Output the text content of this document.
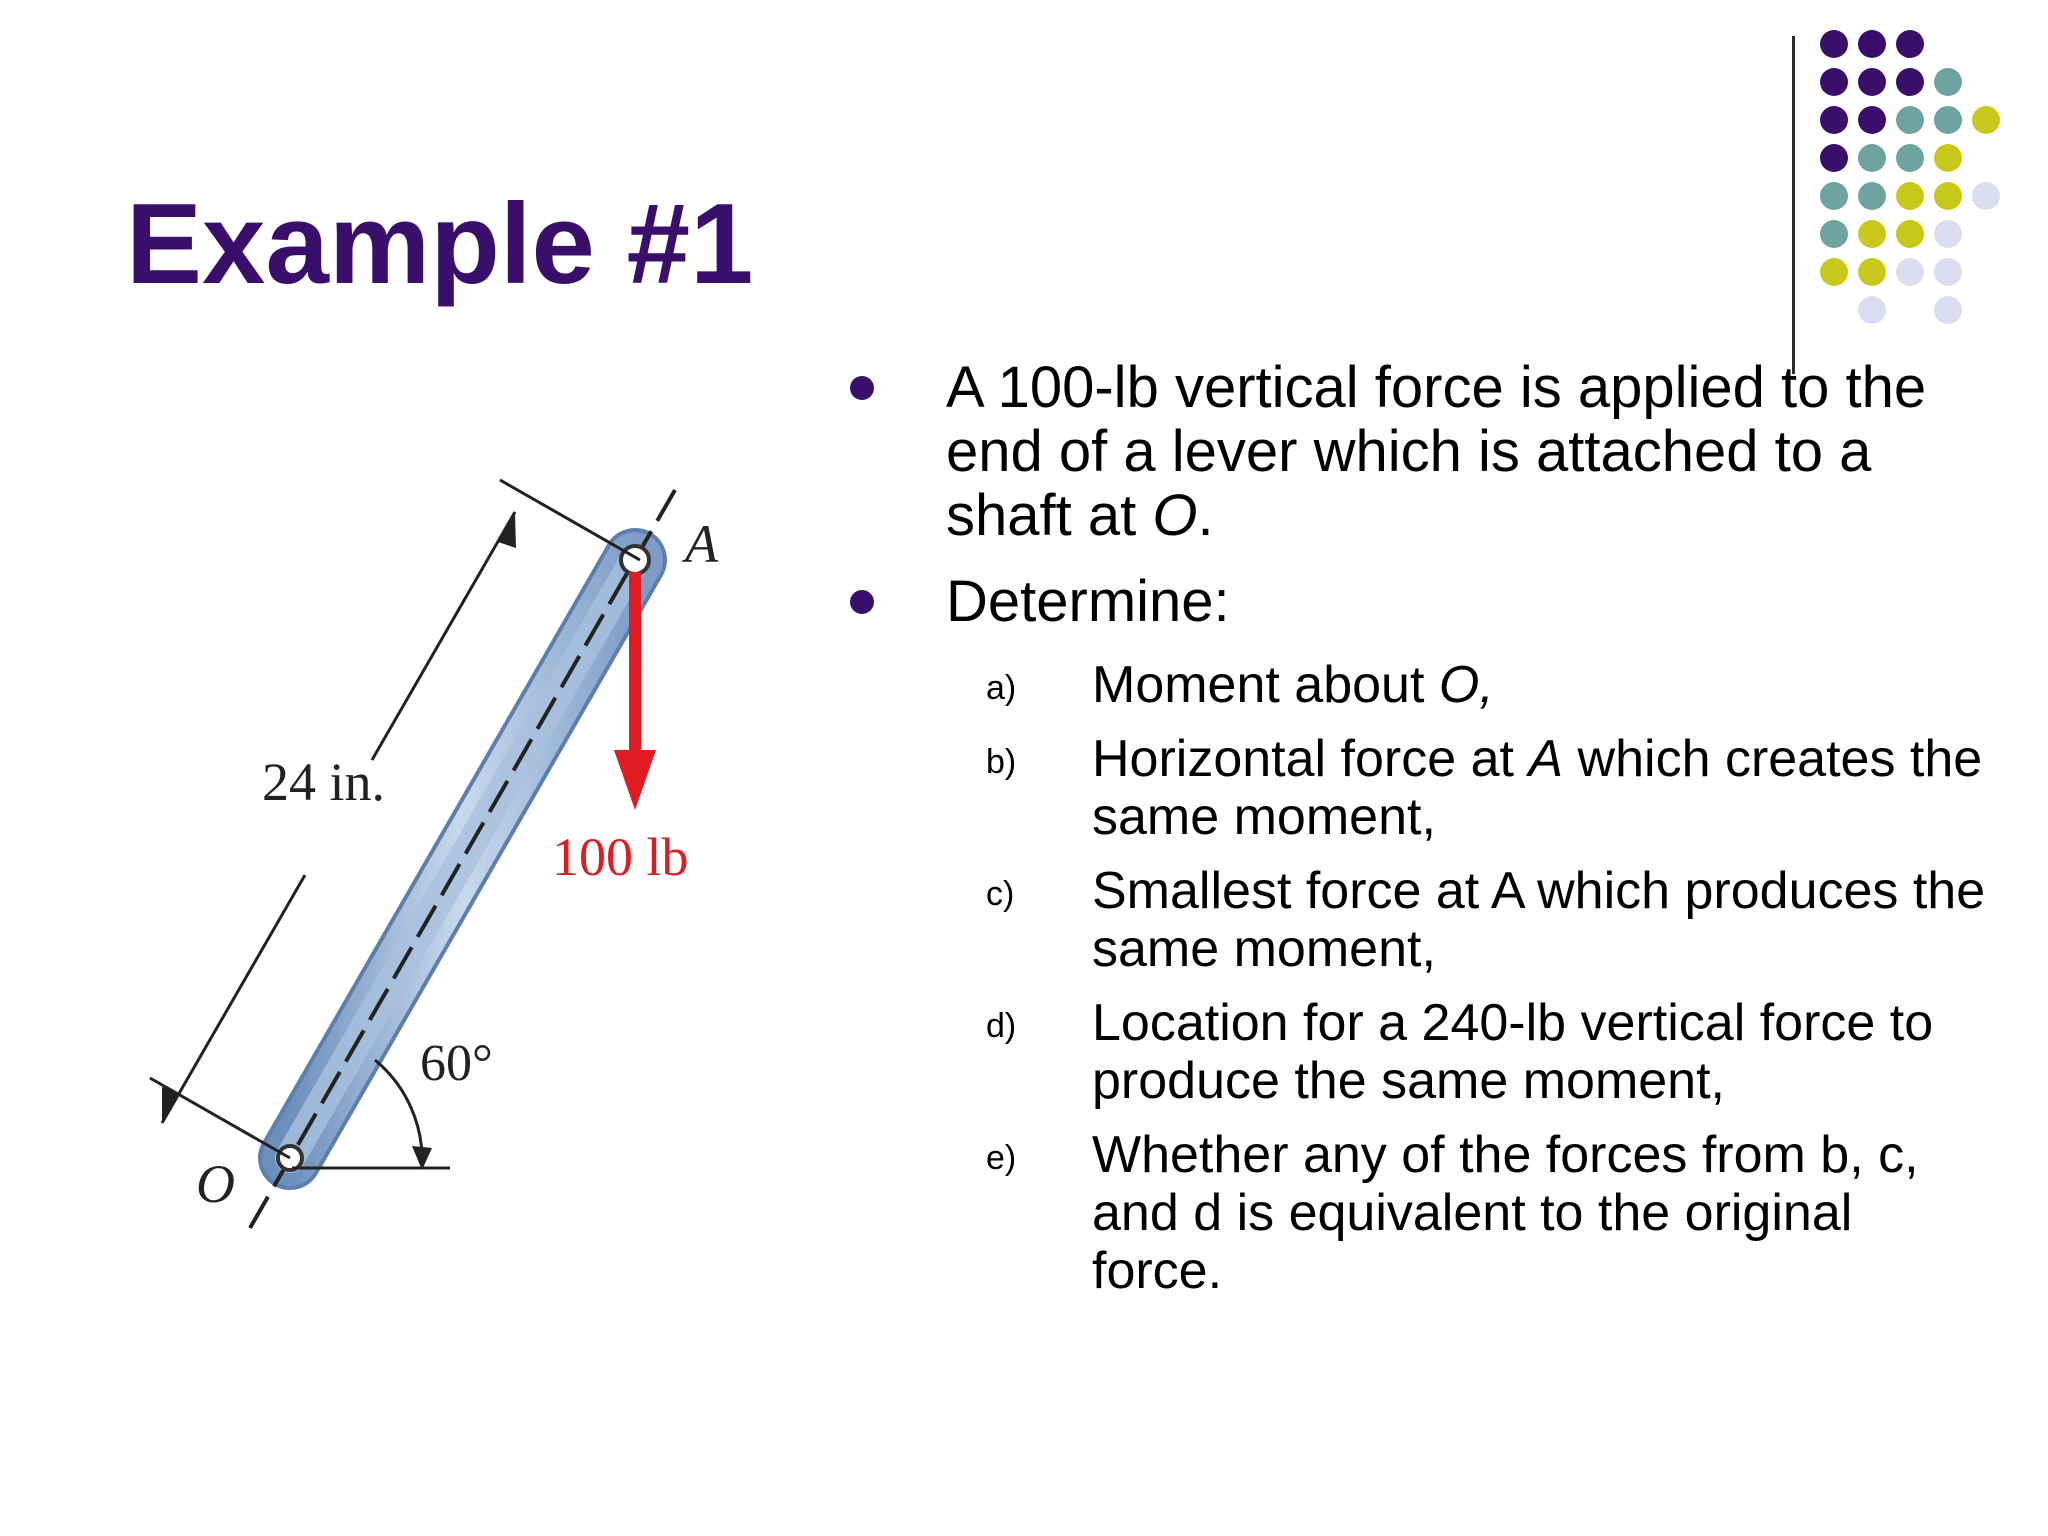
Example #1
24 in.
100 lb
60°
A
O
A 100-lb vertical force is applied to the end of a lever which is attached to a shaft at O.
Determine:
a) Moment about O,
b) Horizontal force at A which creates the same moment,
c) Smallest force at A which produces the same moment,
d) Location for a 240-lb vertical force to produce the same moment,
e) Whether any of the forces from b, c, and d is equivalent to the original force.
